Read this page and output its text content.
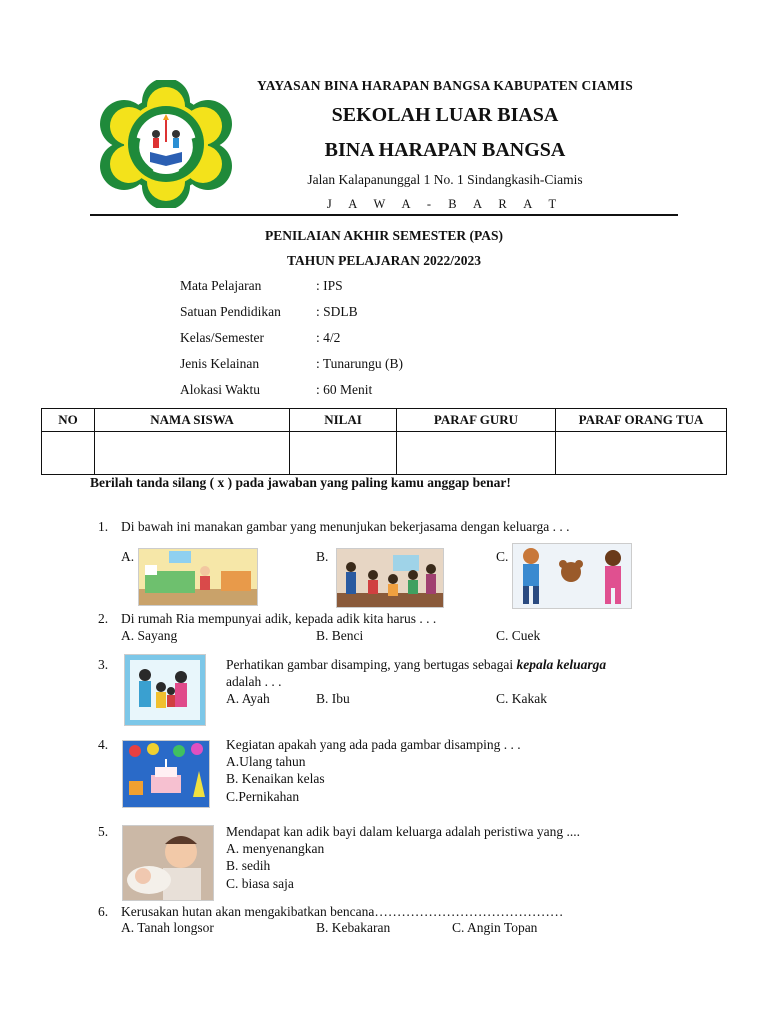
YAYASAN BINA HARAPAN BANGSA KABUPATEN CIAMIS
SEKOLAH LUAR BIASA
BINA HARAPAN BANGSA
Jalan Kalapanunggal 1 No. 1 Sindangkasih-Ciamis
J A W A - B A R A T
PENILAIAN AKHIR SEMESTER (PAS)
TAHUN PELAJARAN 2022/2023
Mata Pelajaran	: IPS
Satuan Pendidikan	: SDLB
Kelas/Semester	: 4/2
Jenis Kelainan	: Tunarungu (B)
Alokasi Waktu	: 60 Menit
NO	NAMA SISWA	NILAI	PARAF GURU	PARAF ORANG TUA

Berilah tanda silang ( x ) pada jawaban yang paling kamu anggap benar!
1. Di bawah ini manakan gambar yang menunjukan bekerjasama dengan keluarga . . .
A.	B.	C.
2. Di rumah Ria mempunyai adik, kepada adik kita harus . . .
A. Sayang	B. Benci	C. Cuek
3.	Perhatikan gambar disamping, yang bertugas sebagai kepala keluarga
adalah . . .
A. Ayah	B. Ibu	C. Kakak
4.	Kegiatan apakah yang ada pada gambar disamping . . .
A.Ulang tahun
B. Kenaikan kelas
C.Pernikahan
5.	Mendapat kan adik bayi dalam keluarga adalah peristiwa yang ....
A. menyenangkan
B. sedih
C. biasa saja
6. Kerusakan hutan akan mengakibatkan bencana……………………………………
A. Tanah longsor	B. Kebakaran	C. Angin Topan
